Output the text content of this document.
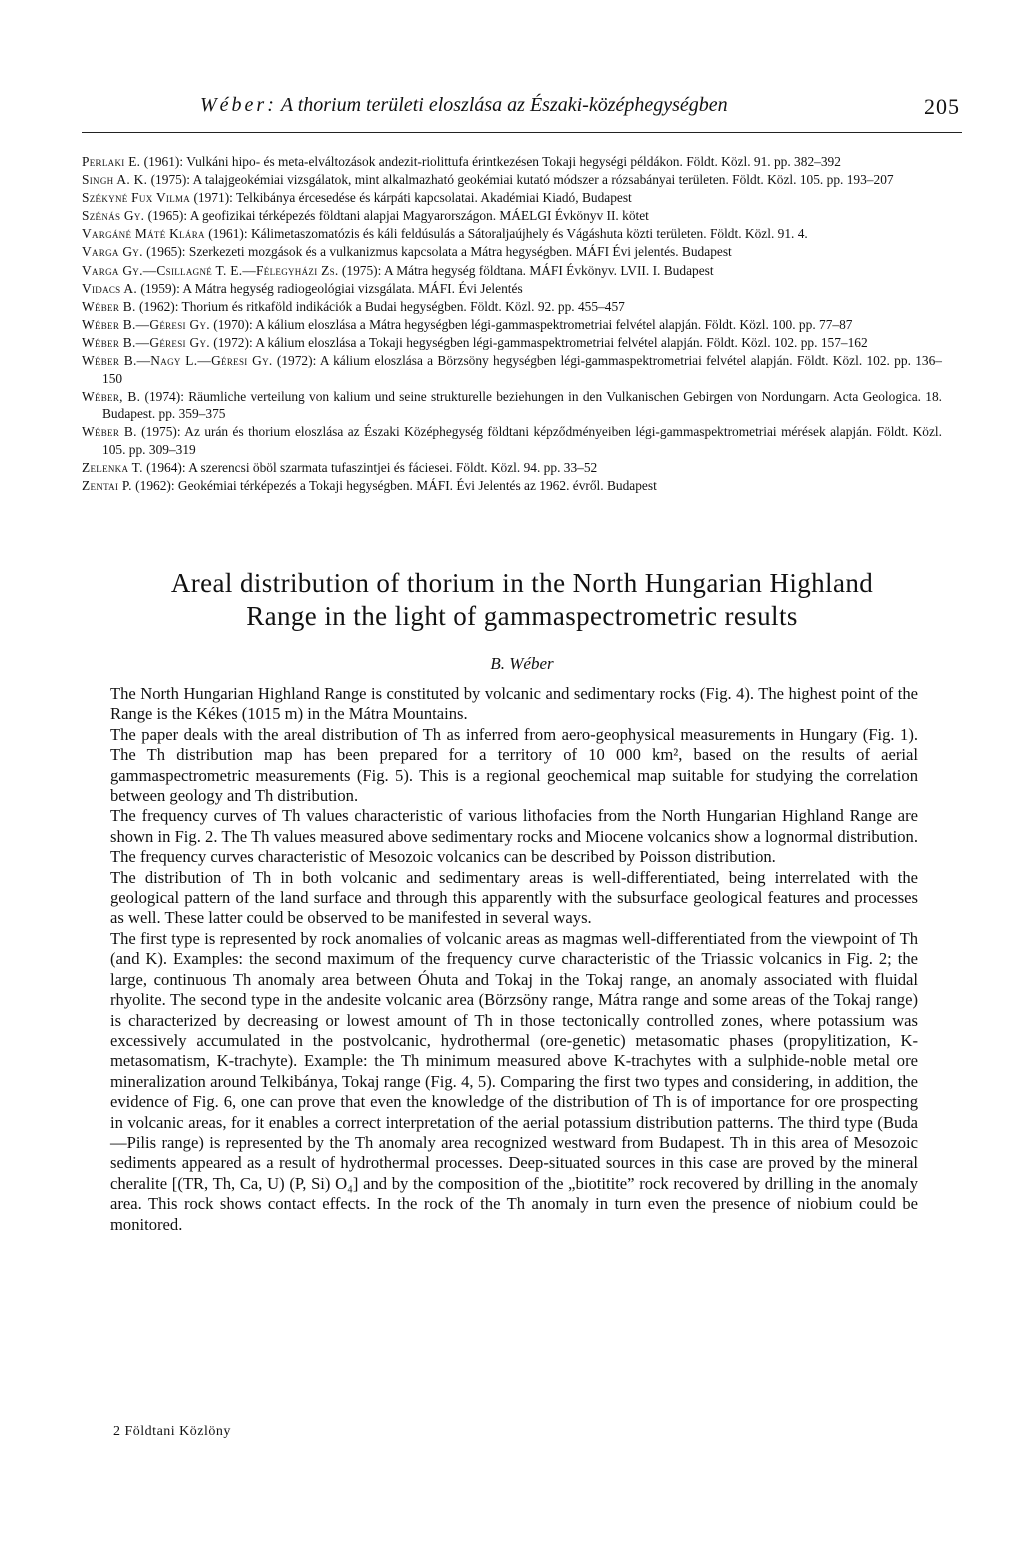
Wéber: A thorium területi eloszlása az Északi-középhegységben	205

Perlaki E. (1961): Vulkáni hipo- és meta-elváltozások andezit-riolittufa érintkezésen Tokaji hegységi példákon. Földt. Közl. 91. pp. 382–392

Singh A. K. (1975): A talajgeokémiai vizsgálatok, mint alkalmazható geokémiai kutató módszer a rózsabányai területen. Földt. Közl. 105. pp. 193–207

Székyné Fux Vilma (1971): Telkibánya ércesedése és kárpáti kapcsolatai. Akadémiai Kiadó, Budapest

Szénás Gy. (1965): A geofizikai térképezés földtani alapjai Magyarországon. MÁELGI Évkönyv II. kötet

Vargáné Máté Klára (1961): Kálimetaszomatózis és káli feldúsulás a Sátoraljaújhely és Vágáshuta közti területen. Földt. Közl. 91. 4.

Varga Gy. (1965): Szerkezeti mozgások és a vulkanizmus kapcsolata a Mátra hegységben. MÁFI Évi jelentés. Budapest

Varga Gy.—Csillagné T. E.—Félegyházi Zs. (1975): A Mátra hegység földtana. MÁFI Évkönyv. LVII. I. Budapest

Vidacs A. (1959): A Mátra hegység radiogeológiai vizsgálata. MÁFI. Évi Jelentés

Wéber B. (1962): Thorium és ritkaföld indikációk a Budai hegységben. Földt. Közl. 92. pp. 455–457

Wéber B.—Géresi Gy. (1970): A kálium eloszlása a Mátra hegységben légi-gammaspektrometriai felvétel alapján. Földt. Közl. 100. pp. 77–87

Wéber B.—Géresi Gy. (1972): A kálium eloszlása a Tokaji hegységben légi-gammaspektrometriai felvétel alapján. Földt. Közl. 102. pp. 157–162

Wéber B.—Nagy L.—Géresi Gy. (1972): A kálium eloszlása a Börzsöny hegységben légi-gammaspektrometriai felvétel alapján. Földt. Közl. 102. pp. 136–150

Wéber, B. (1974): Räumliche verteilung von kalium und seine strukturelle beziehungen in den Vulkanischen Gebirgen von Nordungarn. Acta Geologica. 18. Budapest. pp. 359–375

Wéber B. (1975): Az urán és thorium eloszlása az Északi Középhegység földtani képződményeiben légi-gammaspektrometriai mérések alapján. Földt. Közl. 105. pp. 309–319

Zelenka T. (1964): A szerencsi öböl szarmata tufaszintjei és fáciesei. Földt. Közl. 94. pp. 33–52

Zentai P. (1962): Geokémiai térképezés a Tokaji hegységben. MÁFI. Évi Jelentés az 1962. évről. Budapest

Areal distribution of thorium in the North Hungarian Highland
Range in the light of gammaspectrometric results
B. Wéber

The North Hungarian Highland Range is constituted by volcanic and sedimentary rocks (Fig. 4). The highest point of the Range is the Kékes (1015 m) in the Mátra Mountains.

The paper deals with the areal distribution of Th as inferred from aero-geophysical measurements in Hungary (Fig. 1). The Th distribution map has been prepared for a territory of 10 000 km², based on the results of aerial gammaspectrometric measurements (Fig. 5). This is a regional geochemical map suitable for studying the correlation between geology and Th distribution.

The frequency curves of Th values characteristic of various lithofacies from the North Hungarian Highland Range are shown in Fig. 2. The Th values measured above sedimentary rocks and Miocene volcanics show a lognormal distribution. The frequency curves characteristic of Mesozoic volcanics can be described by Poisson distribution.

The distribution of Th in both volcanic and sedimentary areas is well-differentiated, being interrelated with the geological pattern of the land surface and through this apparently with the subsurface geological features and processes as well. These latter could be observed to be manifested in several ways.

The first type is represented by rock anomalies of volcanic areas as magmas well-differentiated from the viewpoint of Th (and K). Examples: the second maximum of the frequency curve characteristic of the Triassic volcanics in Fig. 2; the large, continuous Th anomaly area between Óhuta and Tokaj in the Tokaj range, an anomaly associated with fluidal rhyolite. The second type in the andesite volcanic area (Börzsöny range, Mátra range and some areas of the Tokaj range) is characterized by decreasing or lowest amount of Th in those tectonically controlled zones, where potassium was excessively accumulated in the postvolcanic, hydrothermal (ore-genetic) metasomatic phases (propylitization, K-metasomatism, K-trachyte). Example: the Th minimum measured above K-trachytes with a sulphide-noble metal ore mineralization around Telkibánya, Tokaj range (Fig. 4, 5). Comparing the first two types and considering, in addition, the evidence of Fig. 6, one can prove that even the knowledge of the distribution of Th is of importance for ore prospecting in volcanic areas, for it enables a correct interpretation of the aerial potassium distribution patterns. The third type (Buda—Pilis range) is represented by the Th anomaly area recognized westward from Budapest. Th in this area of Mesozoic sediments appeared as a result of hydrothermal processes. Deep-situated sources in this case are proved by the mineral cheralite [(TR, Th, Ca, U) (P, Si) O₄] and by the composition of the „biotitite” rock recovered by drilling in the anomaly area. This rock shows contact effects. In the rock of the Th anomaly in turn even the presence of niobium could be monitored.

2 Földtani Közlöny
